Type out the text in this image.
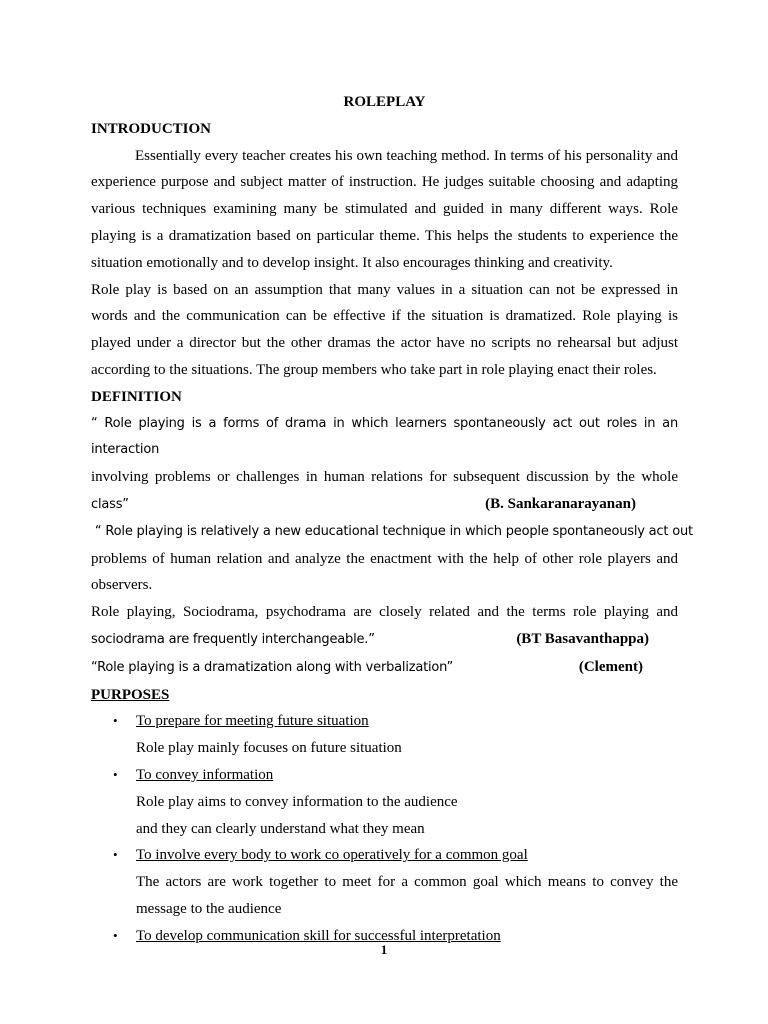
ROLEPLAY
INTRODUCTION

Essentially every teacher creates his own teaching method. In terms of his personality and experience purpose and subject matter of instruction. He judges suitable choosing and adapting various techniques examining many be stimulated and guided in many different ways. Role playing is a dramatization based on particular theme. This helps the students to experience the situation emotionally and to develop insight. It also encourages thinking and creativity.

Role play is based on an assumption that many values in a situation can not be expressed in words and the communication can be effective if the situation is dramatized. Role playing is played under a director but the other dramas the actor have no scripts no rehearsal but adjust according to the situations. The group members who take part in role playing enact their roles.

DEFINITION

“ Role playing is a forms of drama in which learners spontaneously act out roles in an interaction

involving problems or challenges in human relations for subsequent discussion by the whole

class”	(B. Sankaranarayanan)

“ Role playing is relatively a new educational technique in which people spontaneously act out

problems of human relation and analyze the enactment with the help of other role players and observers.

Role playing, Sociodrama, psychodrama are closely related and the terms role playing and

sociodrama are frequently interchangeable.”	(BT Basavanthappa)
“Role playing is a dramatization along with verbalization”	(Clement)
PURPOSES
• To prepare for meeting future situation
Role play mainly focuses on future situation
• To convey information
Role play aims to convey information to the audience
and they can clearly understand what they mean
• To involve every body to work co operatively for a common goal
The actors are work together to meet for a common goal which means to convey the message to the audience
• To develop communication skill for successful interpretation
1
